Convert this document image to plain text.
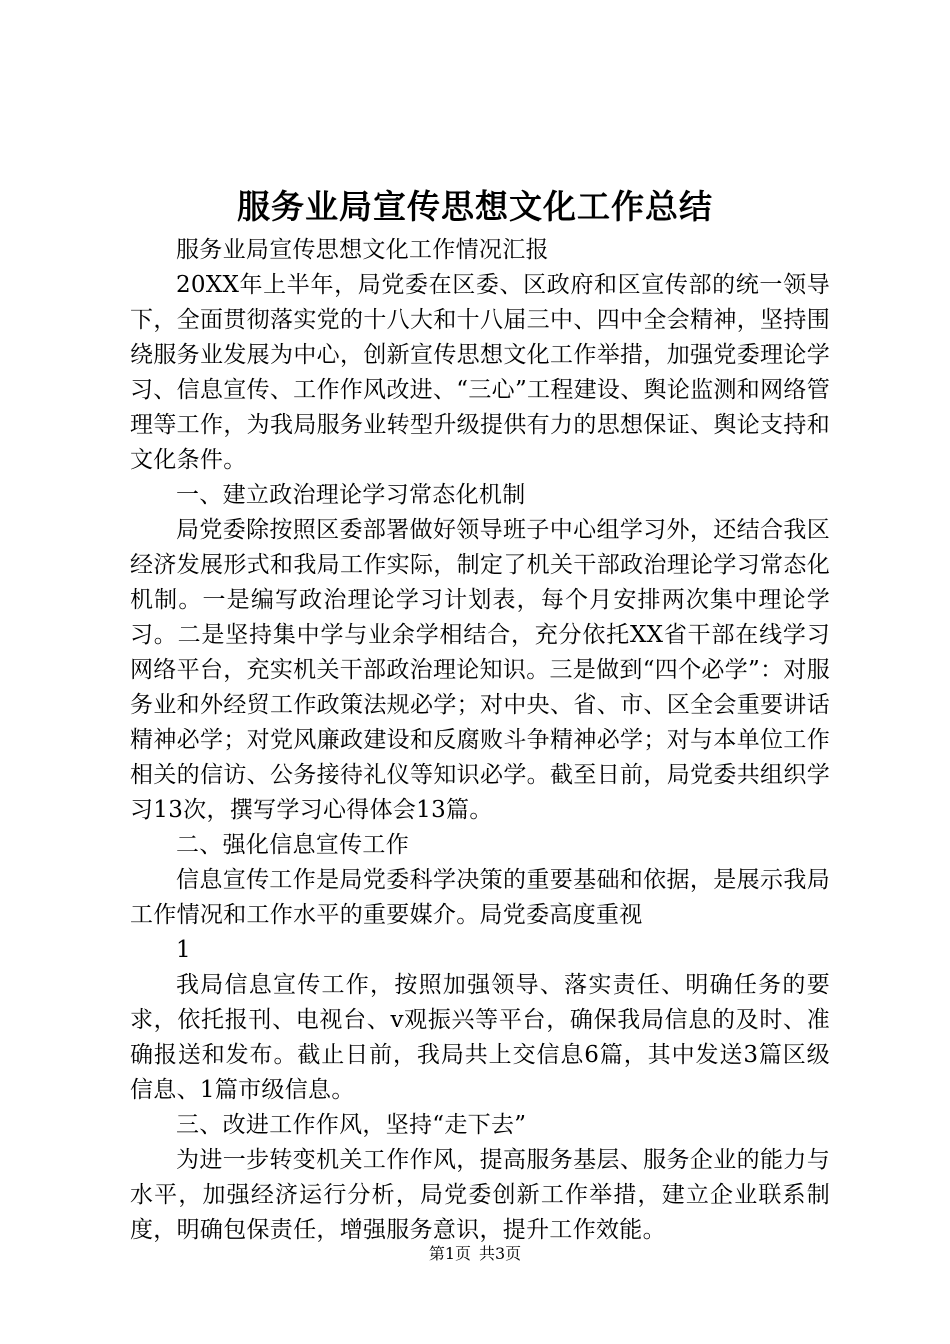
服务业局宣传思想文化工作总结

服务业局宣传思想文化工作情况汇报

20XX年上半年，局党委在区委、区政府和区宣传部的统一领导下，全面贯彻落实党的十八大和十八届三中、四中全会精神，坚持围绕服务业发展为中心，创新宣传思想文化工作举措，加强党委理论学习、信息宣传、工作作风改进、“三心”工程建设、舆论监测和网络管理等工作，为我局服务业转型升级提供有力的思想保证、舆论支持和文化条件。

一、建立政治理论学习常态化机制

局党委除按照区委部署做好领导班子中心组学习外，还结合我区经济发展形式和我局工作实际，制定了机关干部政治理论学习常态化机制。一是编写政治理论学习计划表，每个月安排两次集中理论学习。二是坚持集中学与业余学相结合，充分依托XX省干部在线学习网络平台，充实机关干部政治理论知识。三是做到“四个必学”：对服务业和外经贸工作政策法规必学；对中央、省、市、区全会重要讲话精神必学；对党风廉政建设和反腐败斗争精神必学；对与本单位工作相关的信访、公务接待礼仪等知识必学。截至日前，局党委共组织学习13次，撰写学习心得体会13篇。

二、强化信息宣传工作

信息宣传工作是局党委科学决策的重要基础和依据，是展示我局工作情况和工作水平的重要媒介。局党委高度重视

1

我局信息宣传工作，按照加强领导、落实责任、明确任务的要求，依托报刊、电视台、v观振兴等平台，确保我局信息的及时、准确报送和发布。截止日前，我局共上交信息6篇，其中发送3篇区级信息、1篇市级信息。

三、改进工作作风，坚持“走下去”

为进一步转变机关工作作风，提高服务基层、服务企业的能力与水平，加强经济运行分析，局党委创新工作举措，建立企业联系制度，明确包保责任，增强服务意识，提升工作效能。

第1页 共3页
